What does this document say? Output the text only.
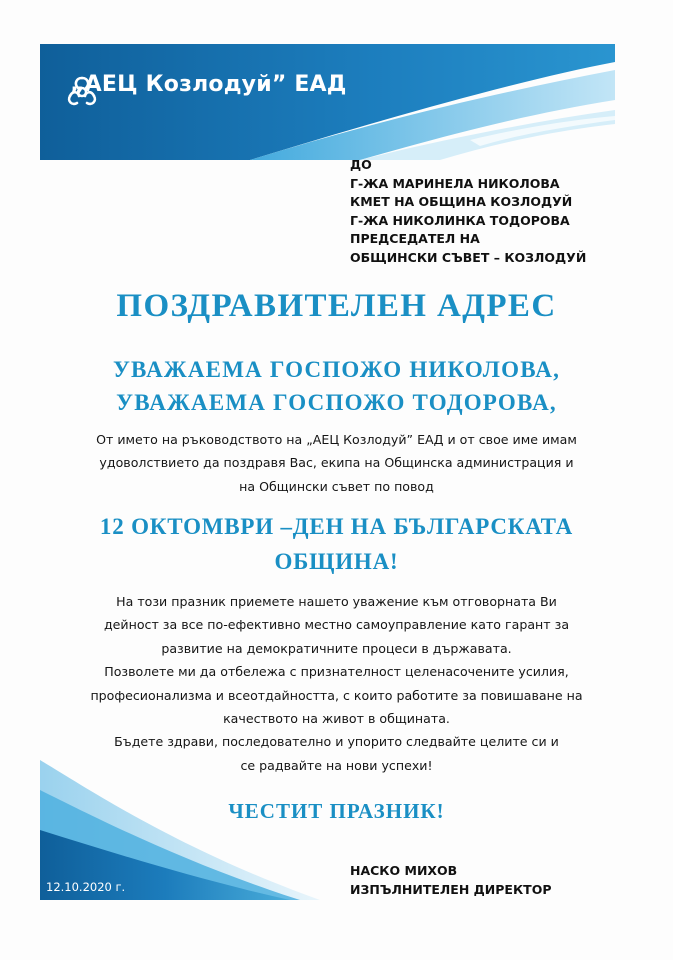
„АЕЦ Козлодуй” ЕАД
ДО
Г-ЖА МАРИНЕЛА НИКОЛОВА
КМЕТ НА ОБЩИНА КОЗЛОДУЙ
Г-ЖА НИКОЛИНКА ТОДОРОВА
ПРЕДСЕДАТЕЛ НА
ОБЩИНСКИ СЪВЕТ – КОЗЛОДУЙ
ПОЗДРАВИТЕЛЕН АДРЕС
УВАЖАЕМА ГОСПОЖО НИКОЛОВА,
УВАЖАЕМА ГОСПОЖО ТОДОРОВА,
От името на ръководството на „АЕЦ Козлодуй” ЕАД и от свое име имам
удоволствието да поздравя Вас, екипа на Общинска администрация и
на Общински съвет по повод
12 ОКТОМВРИ –ДЕН НА БЪЛГАРСКАТА
ОБЩИНА!
На този празник приемете нашето уважение към отговорната Ви
дейност за все по-ефективно местно самоуправление като гарант за
развитие на демократичните процеси в държавата.
Позволете ми да отбележа с признателност целенасочените усилия,
професионализма и всеотдайността, с които работите за повишаване на
качеството на живот в общината.
Бъдете здрави, последователно и упорито следвайте целите си и
се радвайте на нови успехи!
ЧЕСТИТ ПРАЗНИК!
12.10.2020 г.
НАСКО МИХОВ
ИЗПЪЛНИТЕЛЕН ДИРЕКТОР
